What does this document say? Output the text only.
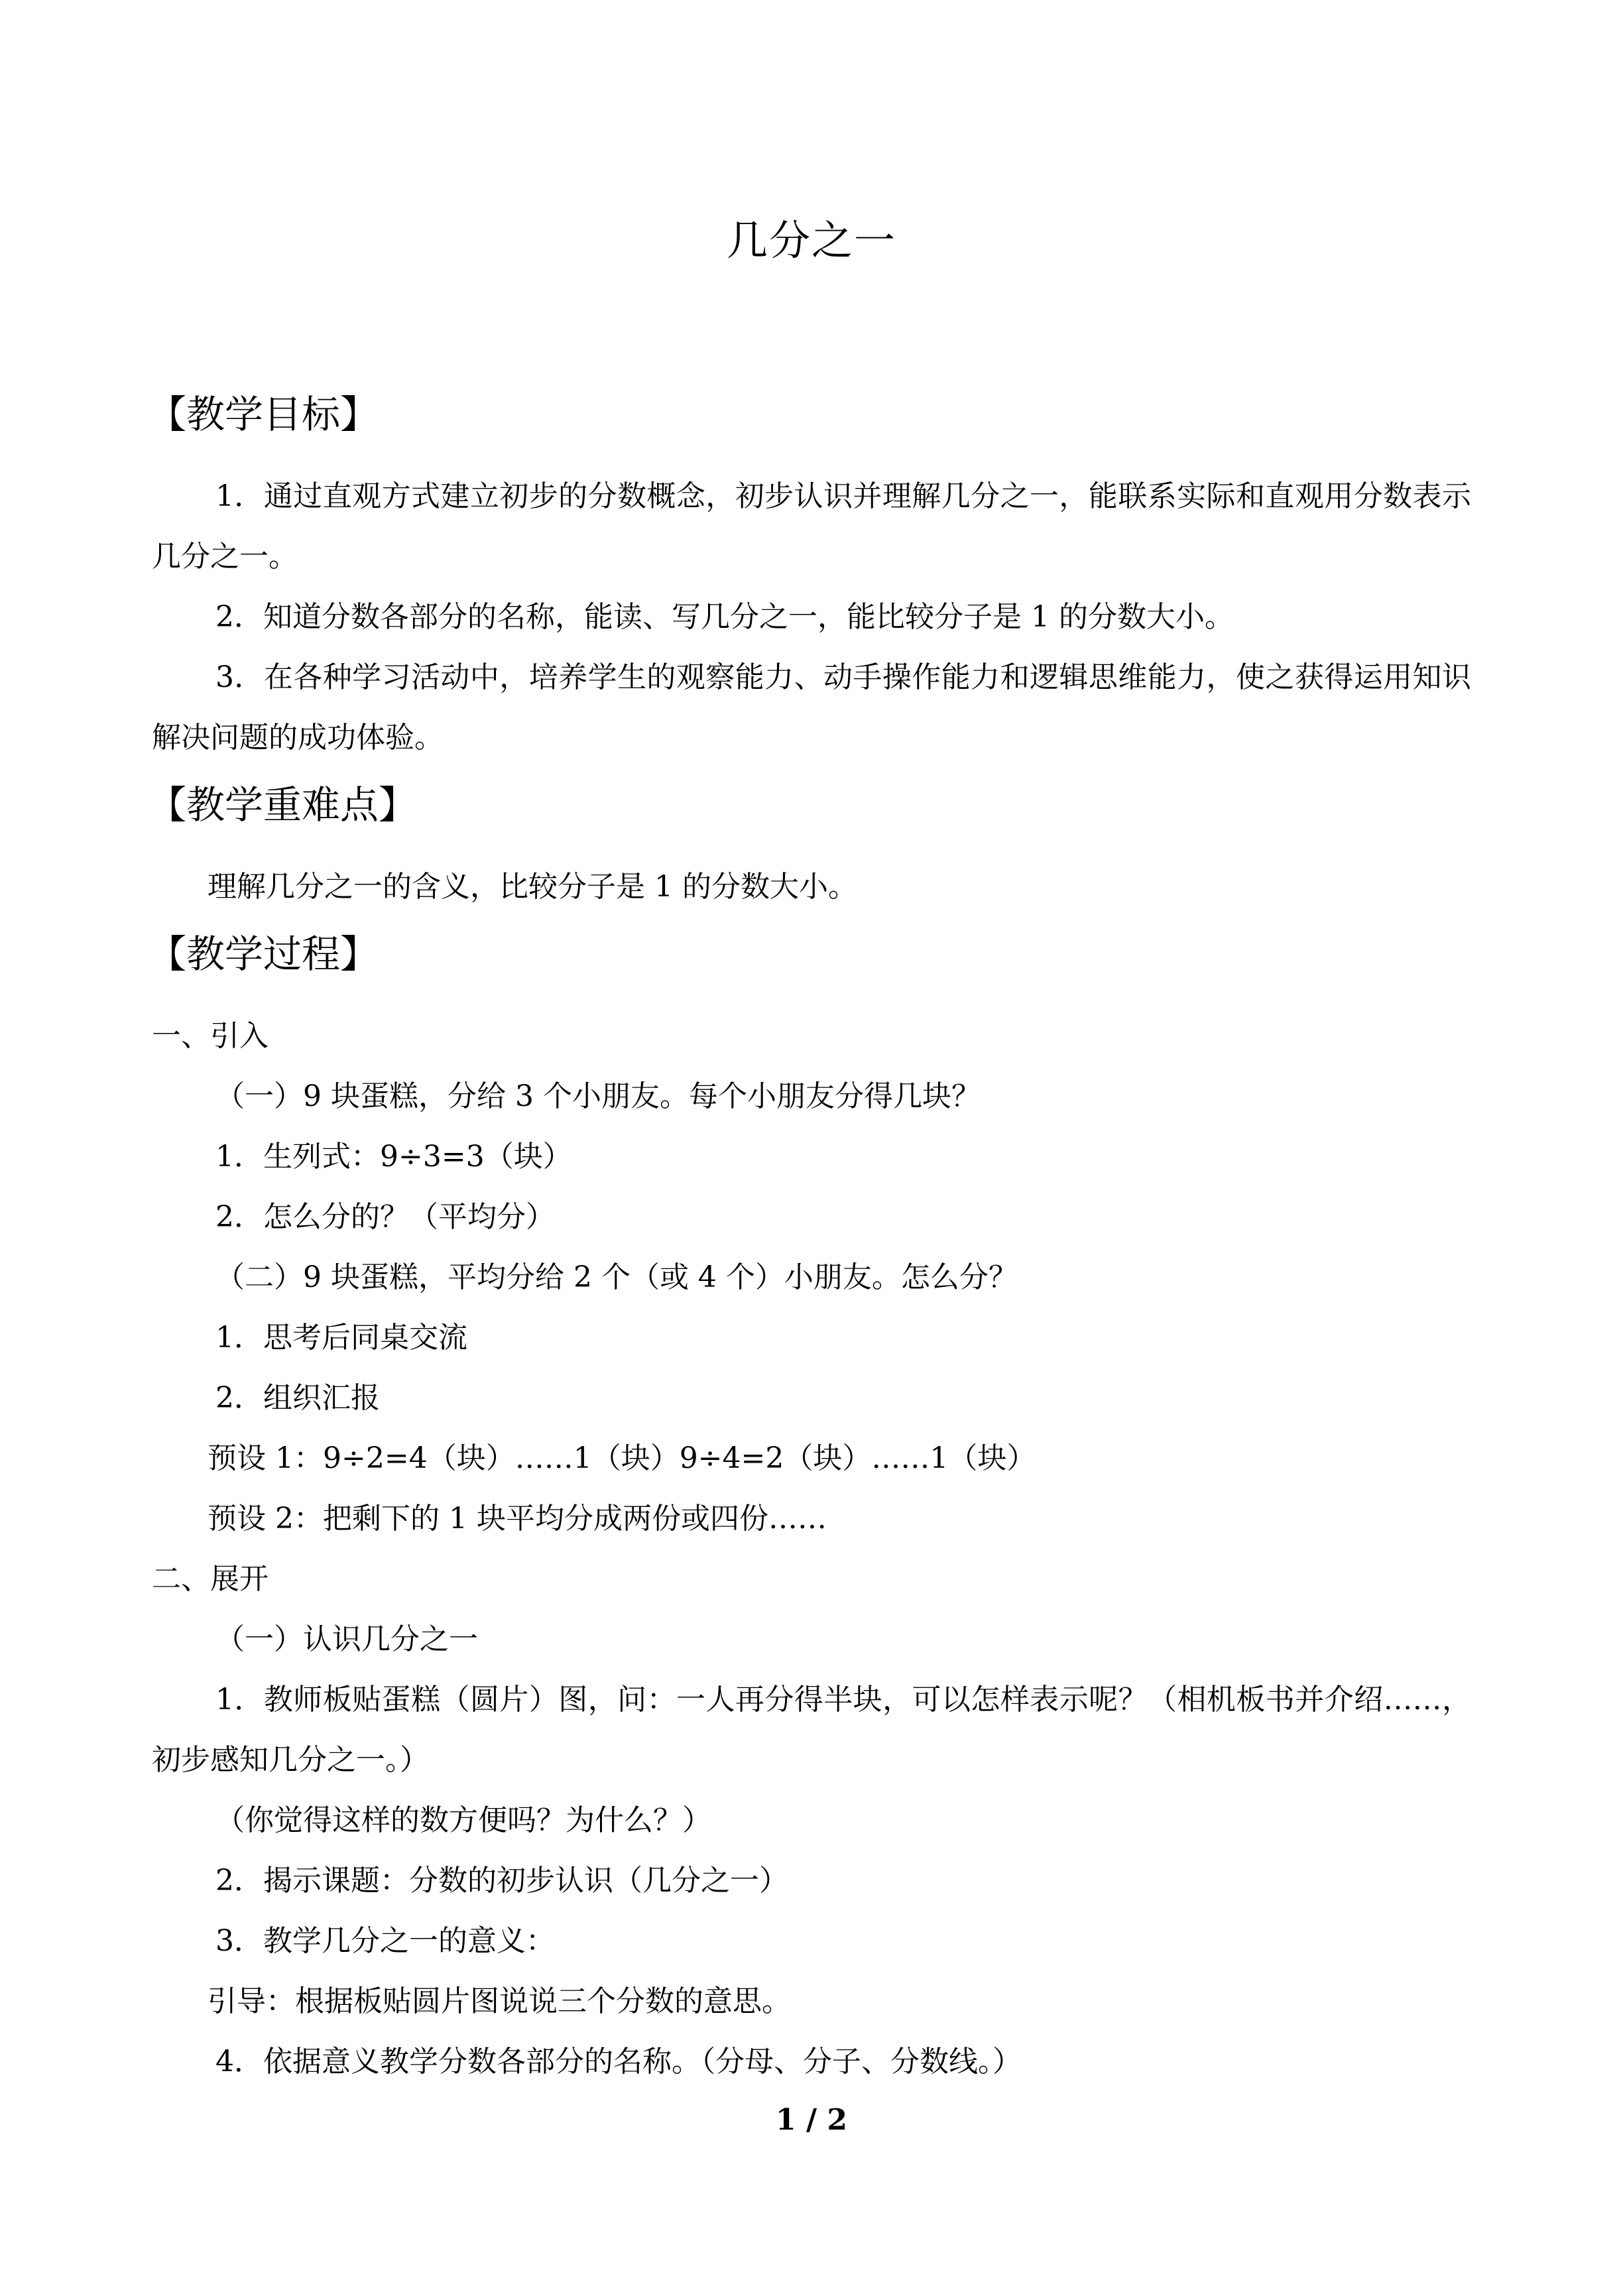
几分之一
【教学目标】
1．通过直观方式建立初步的分数概念，初步认识并理解几分之一，能联系实际和直观用分数表示几分之一。
2．知道分数各部分的名称，能读、写几分之一，能比较分子是 1 的分数大小。
3．在各种学习活动中，培养学生的观察能力、动手操作能力和逻辑思维能力，使之获得运用知识解决问题的成功体验。
【教学重难点】
理解几分之一的含义，比较分子是 1 的分数大小。
【教学过程】
一、引入
（一）9 块蛋糕，分给 3 个小朋友。每个小朋友分得几块？
1．生列式：9÷3=3（块）
2．怎么分的？（平均分）
（二）9 块蛋糕，平均分给 2 个（或 4 个）小朋友。怎么分？
1．思考后同桌交流
2．组织汇报
预设 1：9÷2=4（块）……1（块）9÷4=2（块）……1（块）
预设 2：把剩下的 1 块平均分成两份或四份……
二、展开
（一）认识几分之一
1．教师板贴蛋糕（圆片）图，问：一人再分得半块，可以怎样表示呢？（相机板书并介绍……，初步感知几分之一。）
（你觉得这样的数方便吗？为什么？）
2．揭示课题：分数的初步认识（几分之一）
3．教学几分之一的意义：
引导：根据板贴圆片图说说三个分数的意思。
4．依据意义教学分数各部分的名称。（分母、分子、分数线。）
1 / 2
